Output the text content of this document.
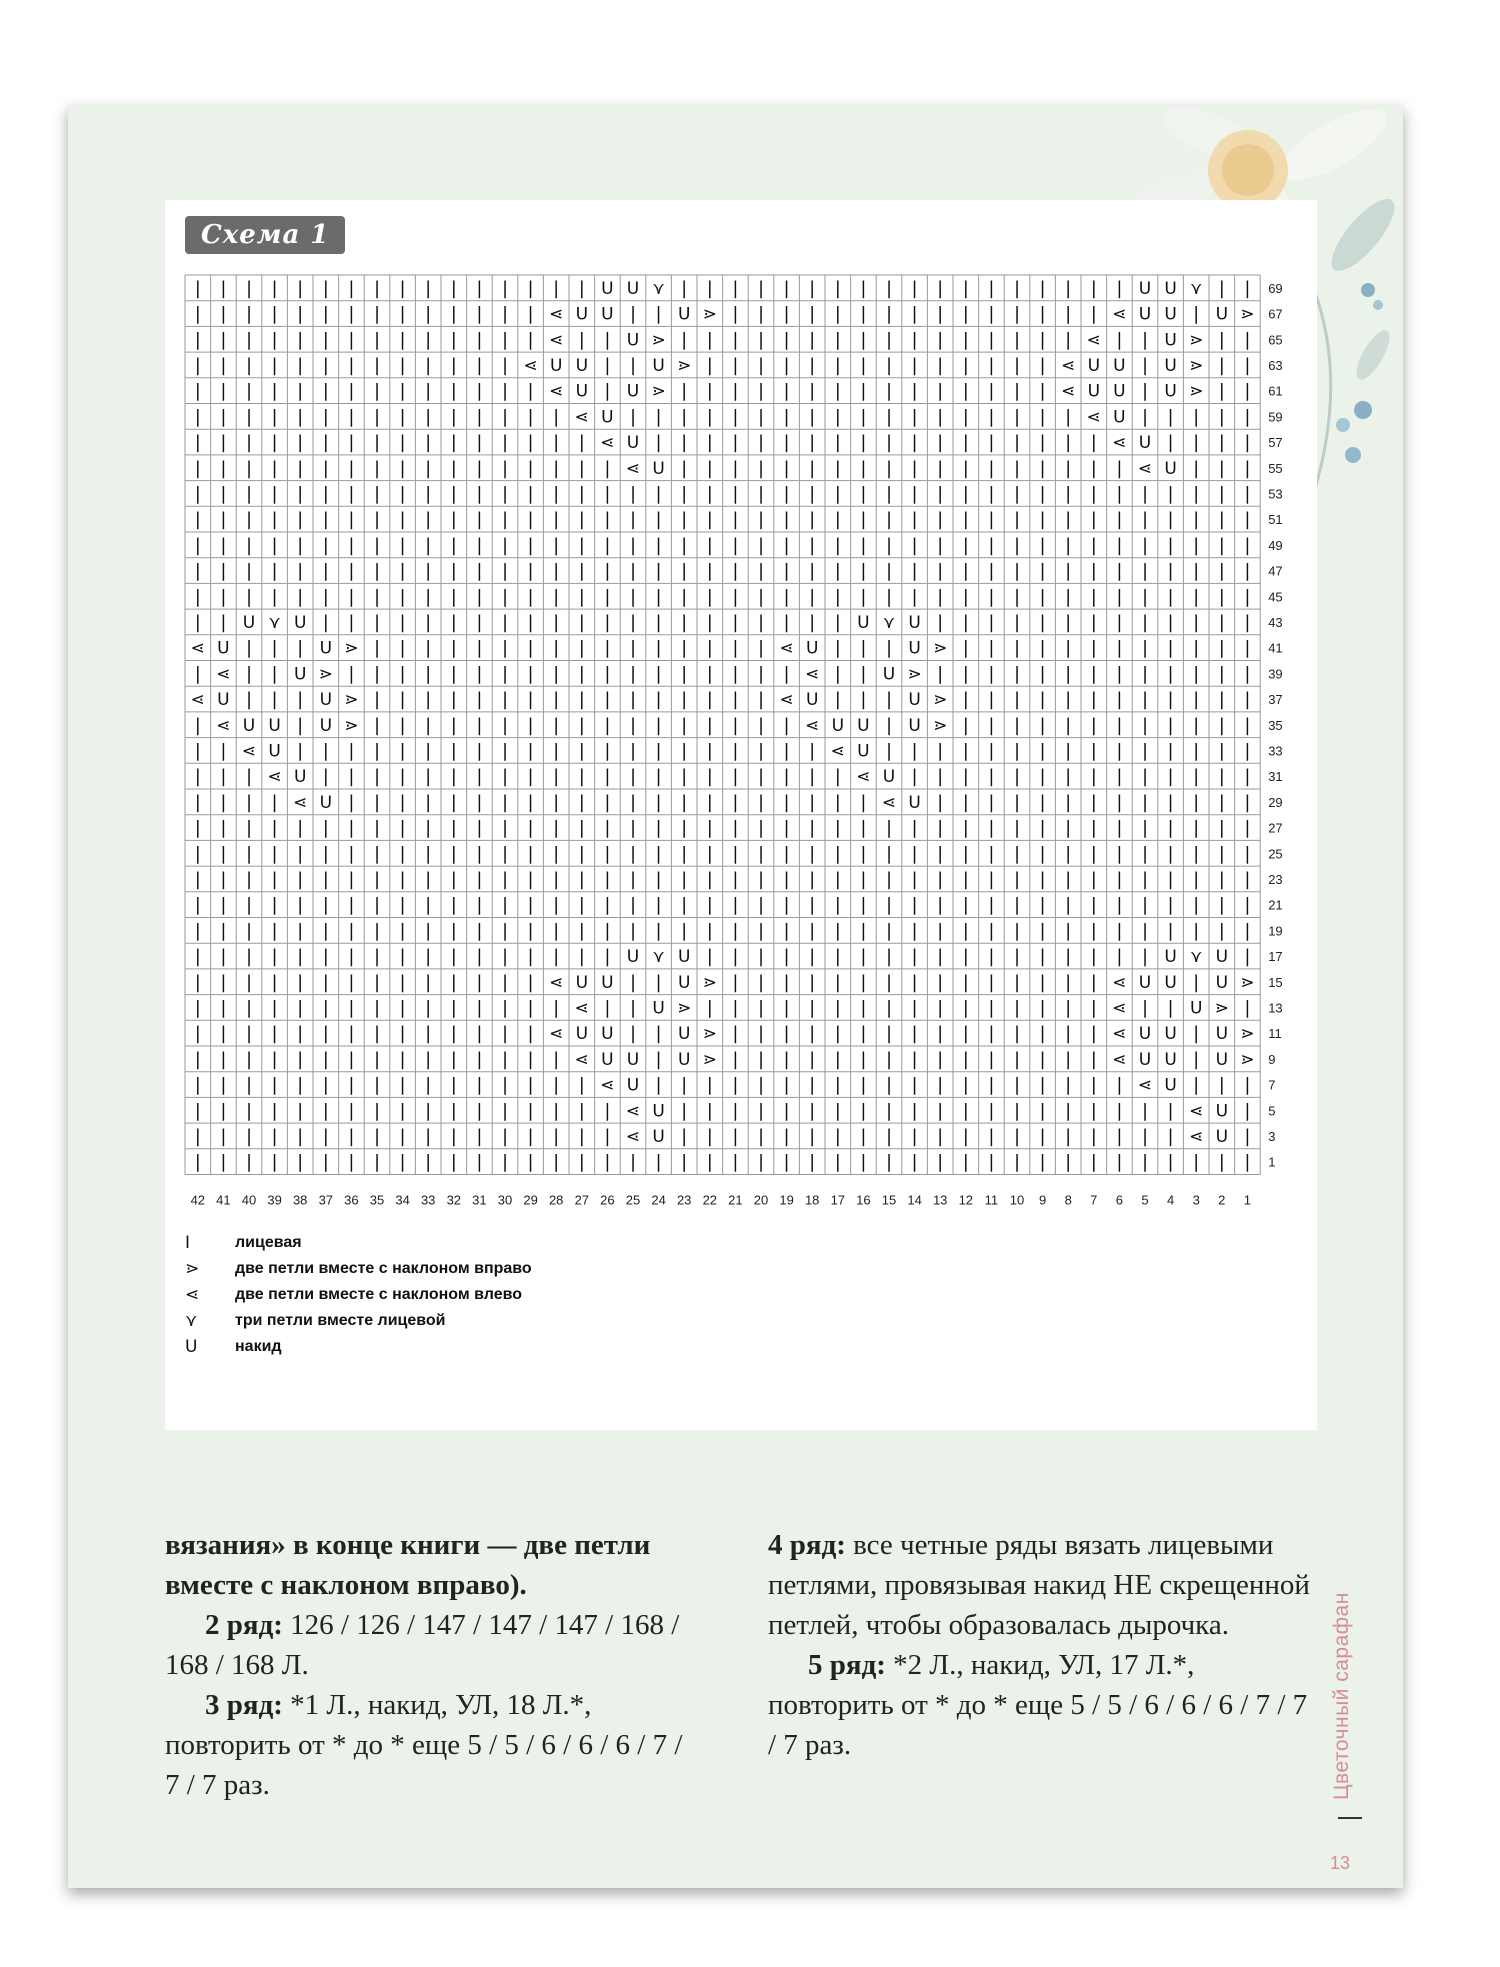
| | | | | | | | | | | | | | | | U U ⋎ | | | | | | | | | | | | | | | | | | U U ⋎ | | 69
| | | | | | | | | | | | | | ⋖ U U | | U ⋗ | | | | | | | | | | | | | | | ⋖ U U | U ⋗ 67
| | | | | | | | | | | | | | ⋖ | | U ⋗ | | | | | | | | | | | | | | | | ⋖ | | U ⋗ | | 65
| | | | | | | | | | | | | ⋖ U U | | U ⋗ | | | | | | | | | | | | | | ⋖ U U | U ⋗ | | 63
| | | | | | | | | | | | | | ⋖ U | U ⋗ | | | | | | | | | | | | | | | ⋖ U U | U ⋗ | | 61
| | | | | | | | | | | | | | | ⋖ U | | | | | | | | | | | | | | | | | | ⋖ U | | | | | 59
| | | | | | | | | | | | | | | | ⋖ U | | | | | | | | | | | | | | | | | | ⋖ U | | | | 57
| | | | | | | | | | | | | | | | | ⋖ U | | | | | | | | | | | | | | | | | | ⋖ U | | | 55
| | | | | | | | | | | | | | | | | | | | | | | | | | | | | | | | | | | | | | | | | | 53
| | | | | | | | | | | | | | | | | | | | | | | | | | | | | | | | | | | | | | | | | | 51
| | | | | | | | | | | | | | | | | | | | | | | | | | | | | | | | | | | | | | | | | | 49
| | | | | | | | | | | | | | | | | | | | | | | | | | | | | | | | | | | | | | | | | | 47
| | | | | | | | | | | | | | | | | | | | | | | | | | | | | | | | | | | | | | | | | | 45
| | U ⋎ U | | | | | | | | | | | | | | | | | | | | | U ⋎ U | | | | | | | | | | | | | 43
⋖ U | | | U ⋗ | | | | | | | | | | | | | | | | ⋖ U | | | U ⋗ | | | | | | | | | | | | 41
| ⋖ | | U ⋗ | | | | | | | | | | | | | | | | | | ⋖ | | U ⋗ | | | | | | | | | | | | | 39
⋖ U | | | U ⋗ | | | | | | | | | | | | | | | | ⋖ U | | | U ⋗ | | | | | | | | | | | | 37
| ⋖ U U | U ⋗ | | | | | | | | | | | | | | | | | ⋖ U U | U ⋗ | | | | | | | | | | | | 35
| | ⋖ U | | | | | | | | | | | | | | | | | | | | | ⋖ U | | | | | | | | | | | | | | | 33
| | | ⋖ U | | | | | | | | | | | | | | | | | | | | | ⋖ U | | | | | | | | | | | | | | 31
| | | | ⋖ U | | | | | | | | | | | | | | | | | | | | | ⋖ U | | | | | | | | | | | | | 29
| | | | | | | | | | | | | | | | | | | | | | | | | | | | | | | | | | | | | | | | | | 27
| | | | | | | | | | | | | | | | | | | | | | | | | | | | | | | | | | | | | | | | | | 25
| | | | | | | | | | | | | | | | | | | | | | | | | | | | | | | | | | | | | | | | | | 23
| | | | | | | | | | | | | | | | | | | | | | | | | | | | | | | | | | | | | | | | | | 21
| | | | | | | | | | | | | | | | | | | | | | | | | | | | | | | | | | | | | | | | | | 19
| | | | | | | | | | | | | | | | | U ⋎ U | | | | | | | | | | | | | | | | | | U ⋎ U | 17
| | | | | | | | | | | | | | ⋖ U U | | U ⋗ | | | | | | | | | | | | | | | ⋖ U U | U ⋗ 15
| | | | | | | | | | | | | | | ⋖ | | U ⋗ | | | | | | | | | | | | | | | | ⋖ | | U ⋗ | 13
| | | | | | | | | | | | | | ⋖ U U | | U ⋗ | | | | | | | | | | | | | | | ⋖ U U | U ⋗ 11
| | | | | | | | | | | | | | | ⋖ U U | U ⋗ | | | | | | | | | | | | | | | ⋖ U U | U ⋗ 9
| | | | | | | | | | | | | | | | ⋖ U | | | | | | | | | | | | | | | | | | | ⋖ U | | | 7
| | | | | | | | | | | | | | | | | ⋖ U | | | | | | | | | | | | | | | | | | | | ⋖ U | 5
| | | | | | | | | | | | | | | | | ⋖ U | | | | | | | | | | | | | | | | | | | | ⋖ U | 3
| | | | | | | | | | | | | | | | | | | | | | | | | | | | | | | | | | | | | | | | | | 1
42 41 40 39 38 37 36 35 34 33 32 31 30 29 28 27 26 25 24 23 22 21 20 19 18 17 16 15 14 13 12 11 10 9 8 7 6 5 4 3 2 1
Схема 1
I	лицевая
⋗	две петли вместе с наклоном вправо
⋖	две петли вместе с наклоном влево
⋎	три петли вместе лицевой
U	накид

вязания» в конце книги — две петли вместе с наклоном вправо).

2 ряд: 126 / 126 / 147 / 147 / 147 / 168 / 168 / 168 Л.

3 ряд: *1 Л., накид, УЛ, 18 Л.*, повторить от * до * еще 5 / 5 / 6 / 6 / 6 / 7 / 7 / 7 раз.

4 ряд: все четные ряды вязать лицевыми петлями, провязывая накид НЕ скрещенной петлей, чтобы образовалась дырочка.

5 ряд: *2 Л., накид, УЛ, 17 Л.*, повторить от * до * еще 5 / 5 / 6 / 6 / 6 / 7 / 7 / 7 раз.	Цветочный сарафан
13
